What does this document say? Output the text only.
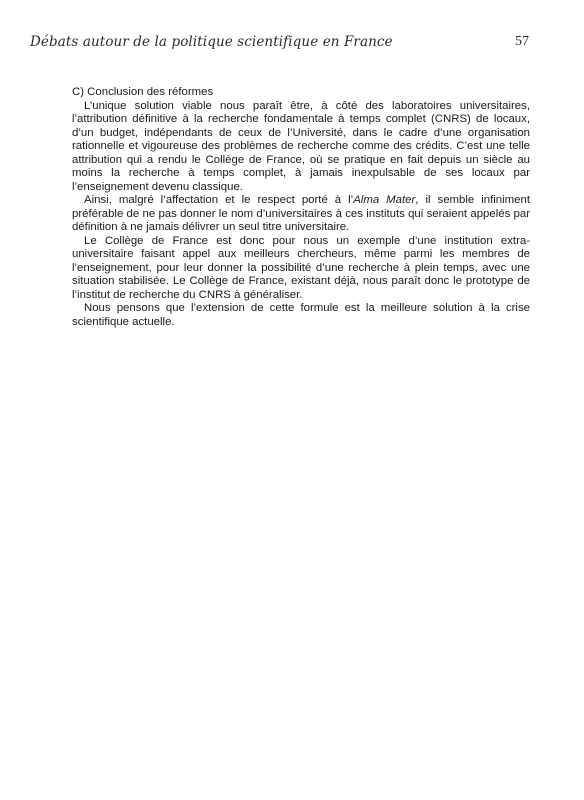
Débats autour de la politique scientifique en France	57

C) Conclusion des réformes

L’unique solution viable nous paraît être, à côté des laboratoires universitaires, l’attribution définitive à la recherche fondamentale à temps complet (CNRS) de locaux, d’un budget, indépendants de ceux de l’Université, dans le cadre d’une organisation rationnelle et vigoureuse des problèmes de recherche comme des crédits. C’est une telle attribution qui a rendu le Collège de France, où se pratique en fait depuis un siècle au moins la recherche à temps complet, à jamais inexpulsable de ses locaux par l’enseignement devenu classique.

Ainsi, malgré l’affectation et le respect porté à l’Alma Mater, il semble infiniment préférable de ne pas donner le nom d’universitaires à ces instituts qui seraient appelés par définition à ne jamais délivrer un seul titre universitaire.

Le Collège de France est donc pour nous un exemple d’une institution extra-universitaire faisant appel aux meilleurs chercheurs, même parmi les membres de l’enseignement, pour leur donner la possibilité d’une recherche à plein temps, avec une situation stabilisée. Le Collège de France, existant déjà, nous paraît donc le prototype de l’institut de recherche du CNRS à généraliser.

Nous pensons que l’extension de cette formule est la meilleure solution à la crise scientifique actuelle.
